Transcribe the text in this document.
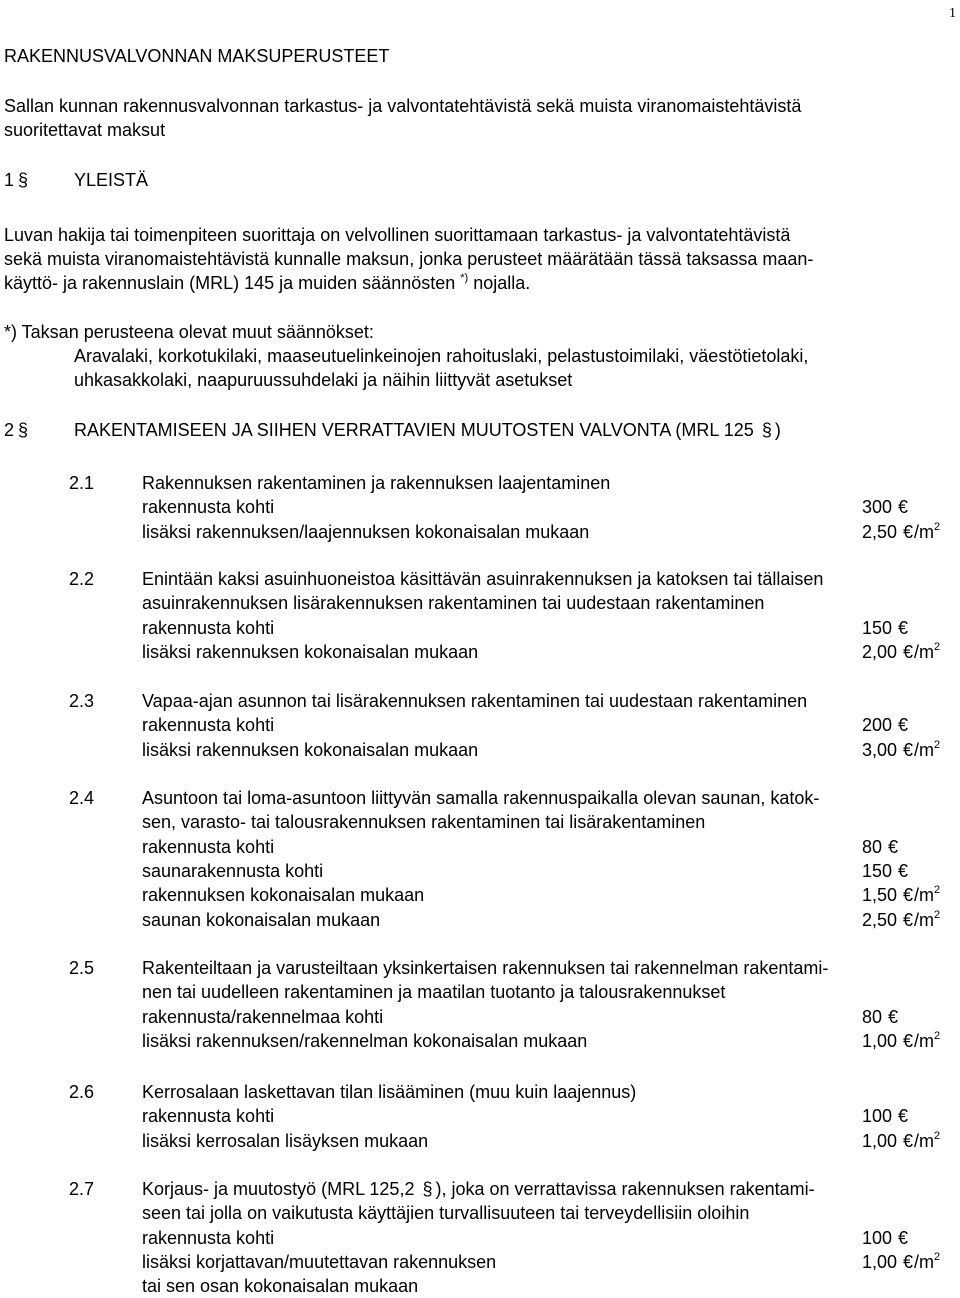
1
RAKENNUSVALVONNAN MAKSUPERUSTEET
Sallan kunnan rakennusvalvonnan tarkastus- ja valvontatehtävistä sekä muista viranomaistehtävistä
suoritettavat maksut
1 §	YLEISTÄ
Luvan hakija tai toimenpiteen suorittaja on velvollinen suorittamaan tarkastus- ja valvontatehtävistä
sekä muista viranomaistehtävistä kunnalle maksun, jonka perusteet määrätään tässä taksassa maan-
käyttö- ja rakennuslain (MRL) 145 ja muiden säännösten *) nojalla.
*) Taksan perusteena olevat muut säännökset:
Aravalaki, korkotukilaki, maaseutuelinkeinojen rahoituslaki, pelastustoimilaki, väestötietolaki,
uhkasakkolaki, naapuruussuhdelaki ja näihin liittyvät asetukset
2 §	RAKENTAMISEEN JA SIIHEN VERRATTAVIEN MUUTOSTEN VALVONTA (MRL 125 § )
2.1	Rakennuksen rakentaminen ja rakennuksen laajentaminen
rakennusta kohti	300 €
lisäksi rakennuksen/laajennuksen kokonaisalan mukaan	2,50 $€/m^2$
2.2	Enintään kaksi asuinhuoneistoa käsittävän asuinrakennuksen ja katoksen tai tällaisen
asuinrakennuksen lisärakennuksen rakentaminen tai uudestaan rakentaminen
rakennusta kohti	150 €
lisäksi rakennuksen kokonaisalan mukaan	2,00 $€/m^2$
2.3	Vapaa-ajan asunnon tai lisärakennuksen rakentaminen tai uudestaan rakentaminen
rakennusta kohti	200 €
lisäksi rakennuksen kokonaisalan mukaan	3,00 $€/m^2$
2.4	Asuntoon tai loma-asuntoon liittyvän samalla rakennuspaikalla olevan saunan, katok-
sen, varasto- tai talousrakennuksen rakentaminen tai lisärakentaminen
rakennusta kohti	80 €
saunarakennusta kohti	150 €
rakennuksen kokonaisalan mukaan	1,50 $€/m^2$
saunan kokonaisalan mukaan	2,50 $€/m^2$
2.5	Rakenteiltaan ja varusteiltaan yksinkertaisen rakennuksen tai rakennelman rakentami-
nen tai uudelleen rakentaminen ja maatilan tuotanto ja talousrakennukset
rakennusta/rakennelmaa kohti	80 €
lisäksi rakennuksen/rakennelman kokonaisalan mukaan	1,00 $€/m^2$
2.6	Kerrosalaan laskettavan tilan lisääminen (muu kuin laajennus)
rakennusta kohti	100 €
lisäksi kerrosalan lisäyksen mukaan	1,00 $€/m^2$
2.7	Korjaus- ja muutostyö (MRL 125,2 § ), joka on verrattavissa rakennuksen rakentami-
seen tai jolla on vaikutusta käyttäjien turvallisuuteen tai terveydellisiin oloihin
rakennusta kohti	100 €
lisäksi korjattavan/muutettavan rakennuksen	1,00 $€/m^2$
tai sen osan kokonaisalan mukaan
